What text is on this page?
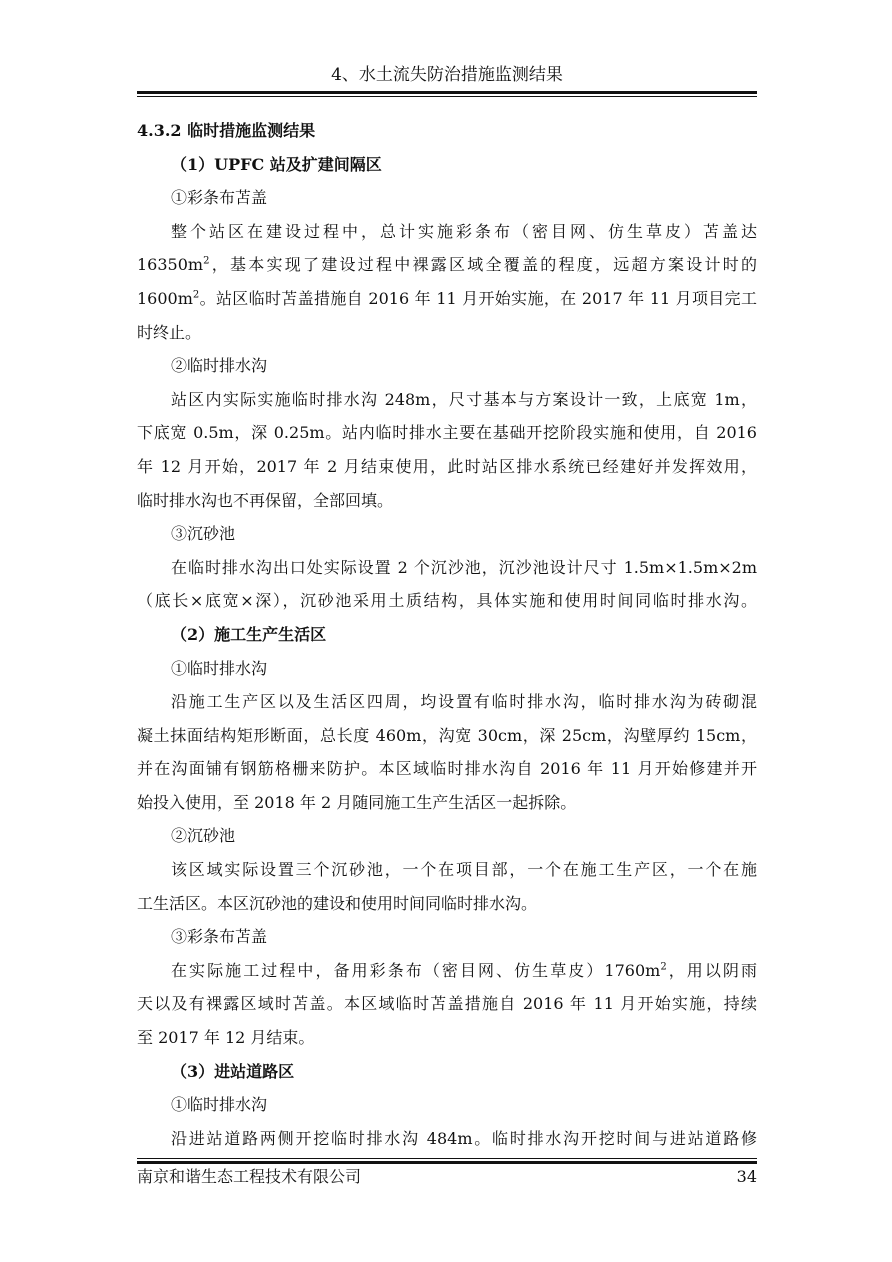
4、水土流失防治措施监测结果
4.3.2 临时措施监测结果
（1）UPFC 站及扩建间隔区
①彩条布苫盖
整个站区在建设过程中，总计实施彩条布（密目网、仿生草皮）苫盖达
$16350m^2$，基本实现了建设过程中裸露区域全覆盖的程度，远超方案设计时的
$1600m^2$。站区临时苫盖措施自 2016 年 11 月开始实施，在 2017 年 11 月项目完工
时终止。
②临时排水沟
站区内实际实施临时排水沟 248m，尺寸基本与方案设计一致，上底宽 1m，
下底宽 0.5m，深 0.25m。站内临时排水主要在基础开挖阶段实施和使用，自 2016
年 12 月开始，2017 年 2 月结束使用，此时站区排水系统已经建好并发挥效用，
临时排水沟也不再保留，全部回填。
③沉砂池
在临时排水沟出口处实际设置 2 个沉沙池，沉沙池设计尺寸 1.5m×1.5m×2m
（底长×底宽×深），沉砂池采用土质结构，具体实施和使用时间同临时排水沟。
（2）施工生产生活区
①临时排水沟
沿施工生产区以及生活区四周，均设置有临时排水沟，临时排水沟为砖砌混
凝土抹面结构矩形断面，总长度 460m，沟宽 30cm，深 25cm，沟壁厚约 15cm，
并在沟面铺有钢筋格栅来防护。本区域临时排水沟自 2016 年 11 月开始修建并开
始投入使用，至 2018 年 2 月随同施工生产生活区一起拆除。
②沉砂池
该区域实际设置三个沉砂池，一个在项目部，一个在施工生产区，一个在施
工生活区。本区沉砂池的建设和使用时间同临时排水沟。
③彩条布苫盖
在实际施工过程中，备用彩条布（密目网、仿生草皮）$1760m^2$，用以阴雨
天以及有裸露区域时苫盖。本区域临时苫盖措施自 2016 年 11 月开始实施，持续
至 2017 年 12 月结束。
（3）进站道路区
①临时排水沟
沿进站道路两侧开挖临时排水沟 484m。临时排水沟开挖时间与进站道路修
南京和谐生态工程技术有限公司	34
